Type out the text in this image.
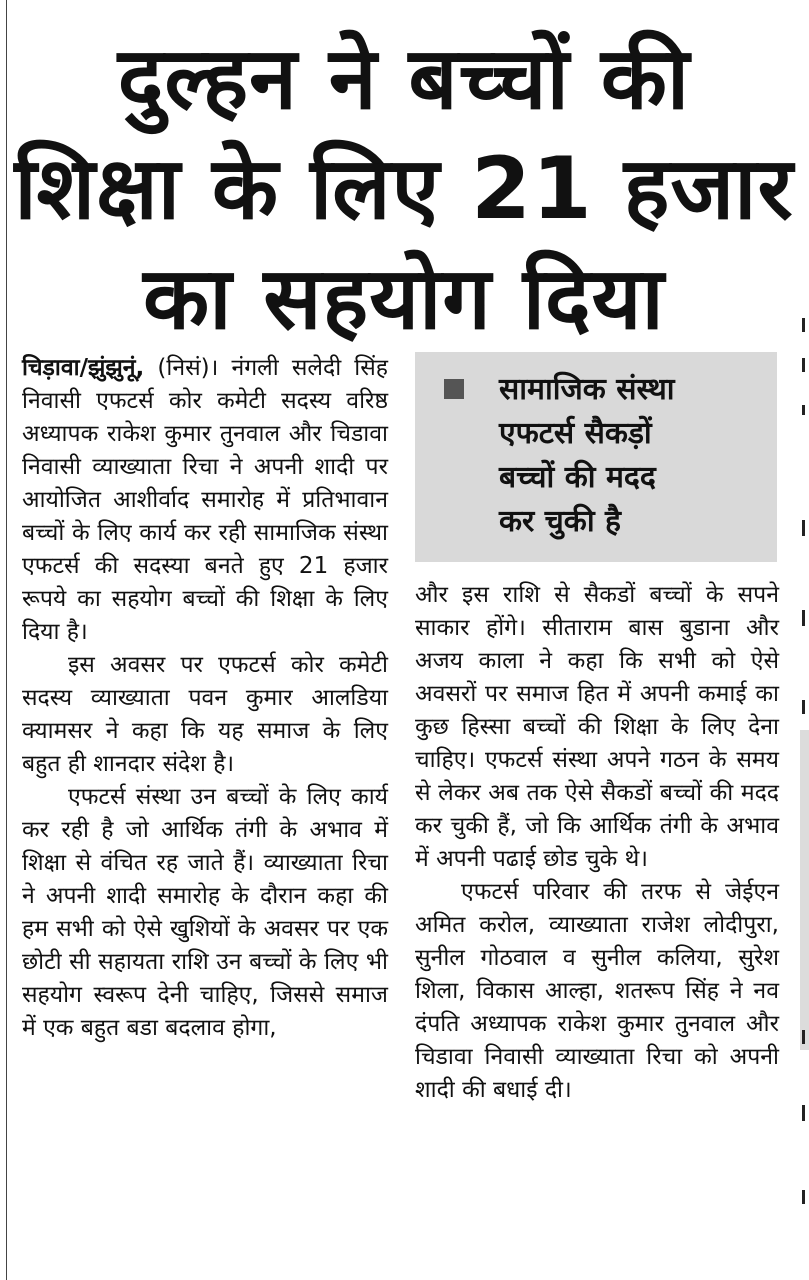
दुल्हन ने बच्चों की
शिक्षा के लिए 21 हजार
का सहयोग दिया

चिड़ावा/झुंझुनूं, (निसं)। नंगली सलेदी सिंह निवासी एफटर्स कोर कमेटी सदस्य वरिष्ठ अध्यापक राकेश कुमार तुनवाल और चिडावा निवासी व्याख्याता रिचा ने अपनी शादी पर आयोजित आशीर्वाद समारोह में प्रतिभावान बच्चों के लिए कार्य कर रही सामाजिक संस्था एफटर्स की सदस्या बनते हुए 21 हजार रूपये का सहयोग बच्चों की शिक्षा के लिए दिया है।

इस अवसर पर एफटर्स कोर कमेटी सदस्य व्याख्याता पवन कुमार आलडिया क्यामसर ने कहा कि यह समाज के लिए बहुत ही शानदार संदेश है।

एफटर्स संस्था उन बच्चों के लिए कार्य कर रही है जो आर्थिक तंगी के अभाव में शिक्षा से वंचित रह जाते हैं। व्याख्याता रिचा ने अपनी शादी समारोह के दौरान कहा की हम सभी को ऐसे खुशियों के अवसर पर एक छोटी सी सहायता राशि उन बच्चों के लिए भी सहयोग स्वरूप देनी चाहिए, जिससे समाज में एक बहुत बडा बदलाव होगा,

सामाजिक संस्था
एफटर्स सैकड़ों
बच्चों की मदद
कर चुकी है

और इस राशि से सैकडों बच्चों के सपने साकार होंगे। सीताराम बास बुडाना और अजय काला ने कहा कि सभी को ऐसे अवसरों पर समाज हित में अपनी कमाई का कुछ हिस्सा बच्चों की शिक्षा के लिए देना चाहिए। एफटर्स संस्था अपने गठन के समय से लेकर अब तक ऐसे सैकडों बच्चों की मदद कर चुकी हैं, जो कि आर्थिक तंगी के अभाव में अपनी पढाई छोड चुके थे।

एफटर्स परिवार की तरफ से जेईएन अमित करोल, व्याख्याता राजेश लोदीपुरा, सुनील गोठवाल व सुनील कलिया, सुरेश शिला, विकास आल्हा, शतरूप सिंह ने नव दंपति अध्यापक राकेश कुमार तुनवाल और चिडावा निवासी व्याख्याता रिचा को अपनी शादी की बधाई दी।
